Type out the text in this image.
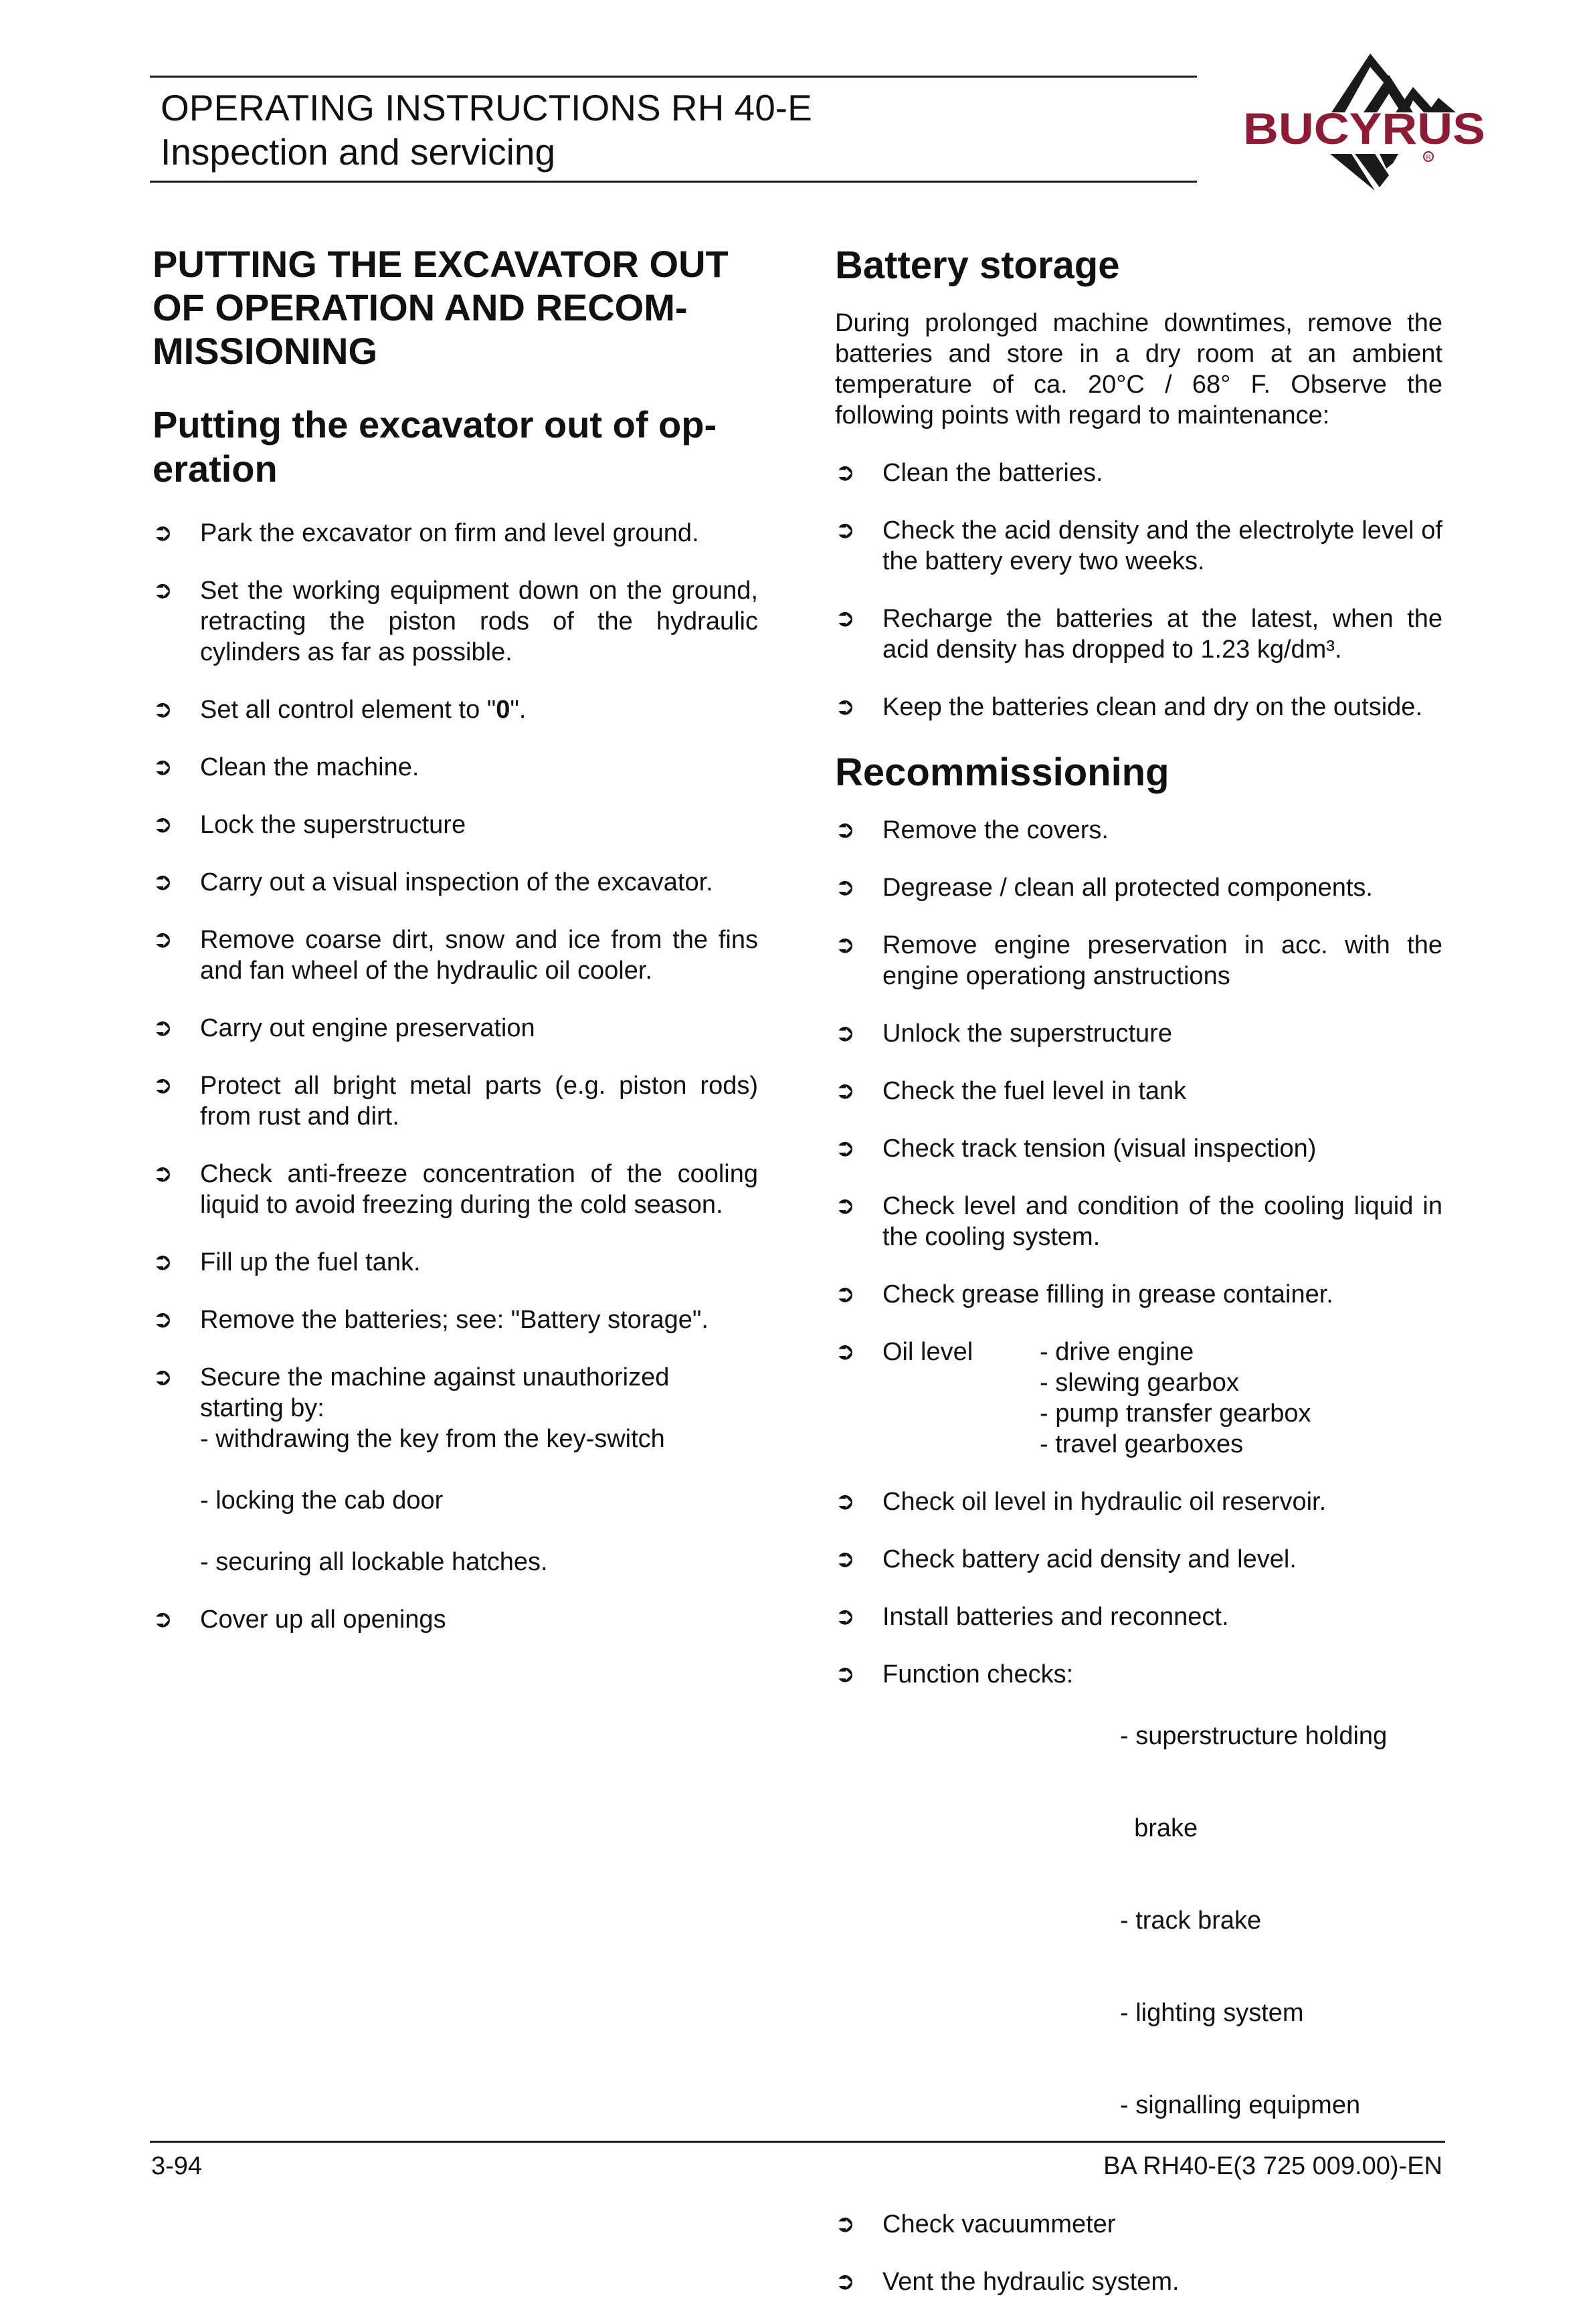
OPERATING INSTRUCTIONS RH 40-E
Inspection and servicing	BUCYRUS
R
PUTTING THE EXCAVATOR OUT
OF OPERATION AND RECOM-
MISSIONING
Putting the excavator out of op-
eration
➲ Park the excavator on firm and level ground.
➲ Set the working equipment down on the ground, retracting the piston rods of the hydraulic cylinders as far as possible.
➲ Set all control element to "0".
➲ Clean the machine.
➲ Lock the superstructure
➲ Carry out a visual inspection of the excavator.
➲ Remove coarse dirt, snow and ice from the fins and fan wheel of the hydraulic oil cooler.
➲ Carry out engine preservation
➲ Protect all bright metal parts (e.g. piston rods) from rust and dirt.
➲ Check anti-freeze concentration of the cooling liquid to avoid freezing during the cold season.
➲ Fill up the fuel tank.
➲ Remove the batteries; see: "Battery storage".
➲ Secure the machine against unauthorized
starting by:
- withdrawing the key from the key-switch
- locking the cab door
- securing all lockable hatches.
➲ Cover up all openings
Battery storage

During prolonged machine downtimes, remove the batteries and store in a dry room at an ambient temperature of ca. 20°C / 68° F. Observe the following points with regard to maintenance:

➲ Clean the batteries.
➲ Check the acid density and the electrolyte level of the battery every two weeks.
➲ Recharge the batteries at the latest, when the acid density has dropped to 1.23 kg/dm³.
➲ Keep the batteries clean and dry on the outside.
Recommissioning
➲ Remove the covers.
➲ Degrease / clean all protected components.
➲ Remove engine preservation in acc. with the engine operationg anstructions
➲ Unlock the superstructure
➲ Check the fuel level in tank
➲ Check track tension (visual inspection)
➲ Check level and condition of the cooling liquid in the cooling system.
➲ Check grease filling in grease container.
➲ Oil level	- drive engine
- slewing gearbox
- pump transfer gearbox
- travel gearboxes
➲ Check oil level in hydraulic oil reservoir.
➲ Check battery acid density and level.
➲ Install batteries and reconnect.
➲ Function checks:

- superstructure holding

brake

- track brake

- lighting system

- signalling equipmen

➲ Check vacuummeter
➲ Vent the hydraulic system.
3-94	BA RH40-E(3 725 009.00)-EN
